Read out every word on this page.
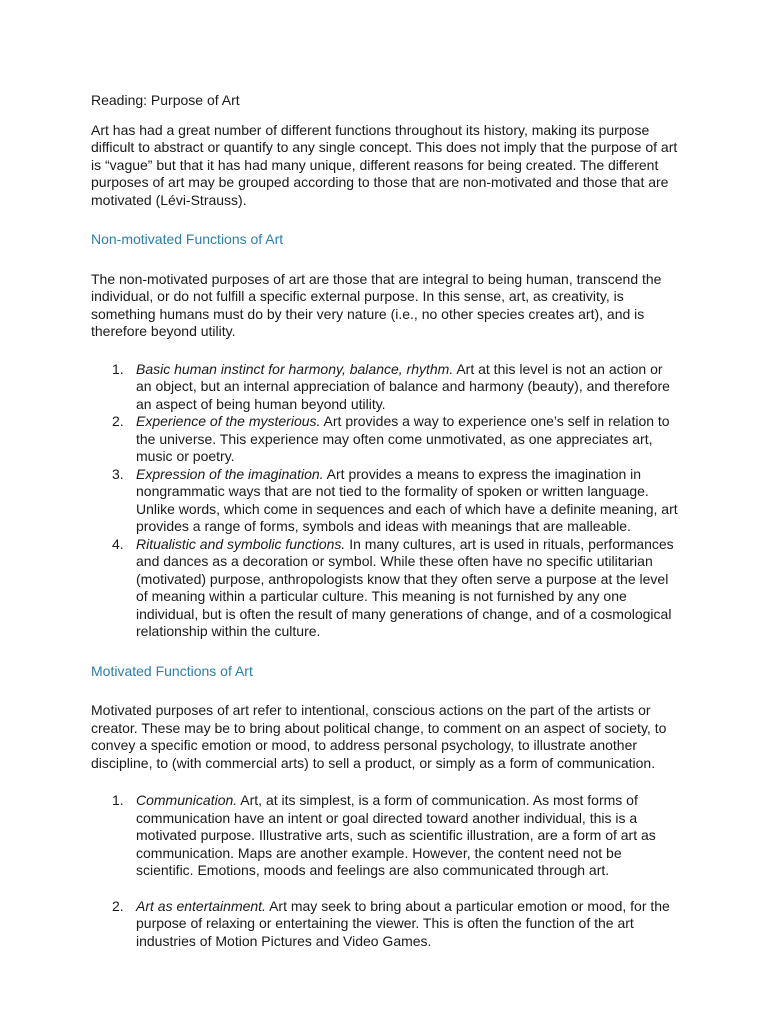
Reading: Purpose of Art

Art has had a great number of different functions throughout its history, making its purpose difficult to abstract or quantify to any single concept. This does not imply that the purpose of art is “vague” but that it has had many unique, different reasons for being created. The different purposes of art may be grouped according to those that are non-motivated and those that are motivated (Lévi-Strauss).

Non-motivated Functions of Art

The non-motivated purposes of art are those that are integral to being human, transcend the individual, or do not fulfill a specific external purpose. In this sense, art, as creativity, is something humans must do by their very nature (i.e., no other species creates art), and is therefore beyond utility.

1. Basic human instinct for harmony, balance, rhythm. Art at this level is not an action or an object, but an internal appreciation of balance and harmony (beauty), and therefore an aspect of being human beyond utility.
2. Experience of the mysterious. Art provides a way to experience one’s self in relation to the universe. This experience may often come unmotivated, as one appreciates art, music or poetry.
3. Expression of the imagination. Art provides a means to express the imagination in nongrammatic ways that are not tied to the formality of spoken or written language. Unlike words, which come in sequences and each of which have a definite meaning, art provides a range of forms, symbols and ideas with meanings that are malleable.
4. Ritualistic and symbolic functions. In many cultures, art is used in rituals, performances and dances as a decoration or symbol. While these often have no specific utilitarian (motivated) purpose, anthropologists know that they often serve a purpose at the level of meaning within a particular culture. This meaning is not furnished by any one individual, but is often the result of many generations of change, and of a cosmological relationship within the culture.
Motivated Functions of Art

Motivated purposes of art refer to intentional, conscious actions on the part of the artists or creator. These may be to bring about political change, to comment on an aspect of society, to convey a specific emotion or mood, to address personal psychology, to illustrate another discipline, to (with commercial arts) to sell a product, or simply as a form of communication.

1. Communication. Art, at its simplest, is a form of communication. As most forms of communication have an intent or goal directed toward another individual, this is a motivated purpose. Illustrative arts, such as scientific illustration, are a form of art as communication. Maps are another example. However, the content need not be scientific. Emotions, moods and feelings are also communicated through art.
2. Art as entertainment. Art may seek to bring about a particular emotion or mood, for the purpose of relaxing or entertaining the viewer. This is often the function of the art industries of Motion Pictures and Video Games.
